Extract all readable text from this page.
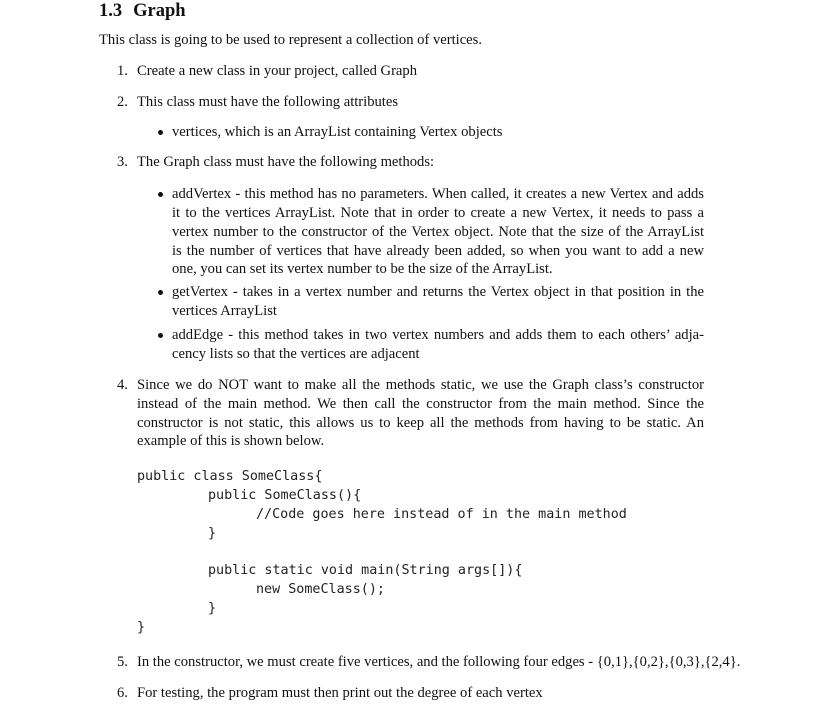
1.3 Graph
This class is going to be used to represent a collection of vertices.
1. Create a new class in your project, called Graph
2. This class must have the following attributes
vertices, which is an ArrayList containing Vertex objects
3. The Graph class must have the following methods:
addVertex - this method has no parameters. When called, it creates a new Vertex and adds
it to the vertices ArrayList. Note that in order to create a new Vertex, it needs to pass a
vertex number to the constructor of the Vertex object. Note that the size of the ArrayList
is the number of vertices that have already been added, so when you want to add a new
one, you can set its vertex number to be the size of the ArrayList.
getVertex - takes in a vertex number and returns the Vertex object in that position in the
vertices ArrayList
addEdge - this method takes in two vertex numbers and adds them to each others’ adja-
cency lists so that the vertices are adjacent
4. Since we do NOT want to make all the methods static, we use the Graph class’s constructor
instead of the main method. We then call the constructor from the main method. Since the
constructor is not static, this allows us to keep all the methods from having to be static. An
example of this is shown below.
public class SomeClass{
public SomeClass(){
//Code goes here instead of in the main method
}
public static void main(String args[]){
new SomeClass();
}
}
5. In the constructor, we must create five vertices, and the following four edges - {0,1},{0,2},{0,3},{2,4}.
6. For testing, the program must then print out the degree of each vertex
